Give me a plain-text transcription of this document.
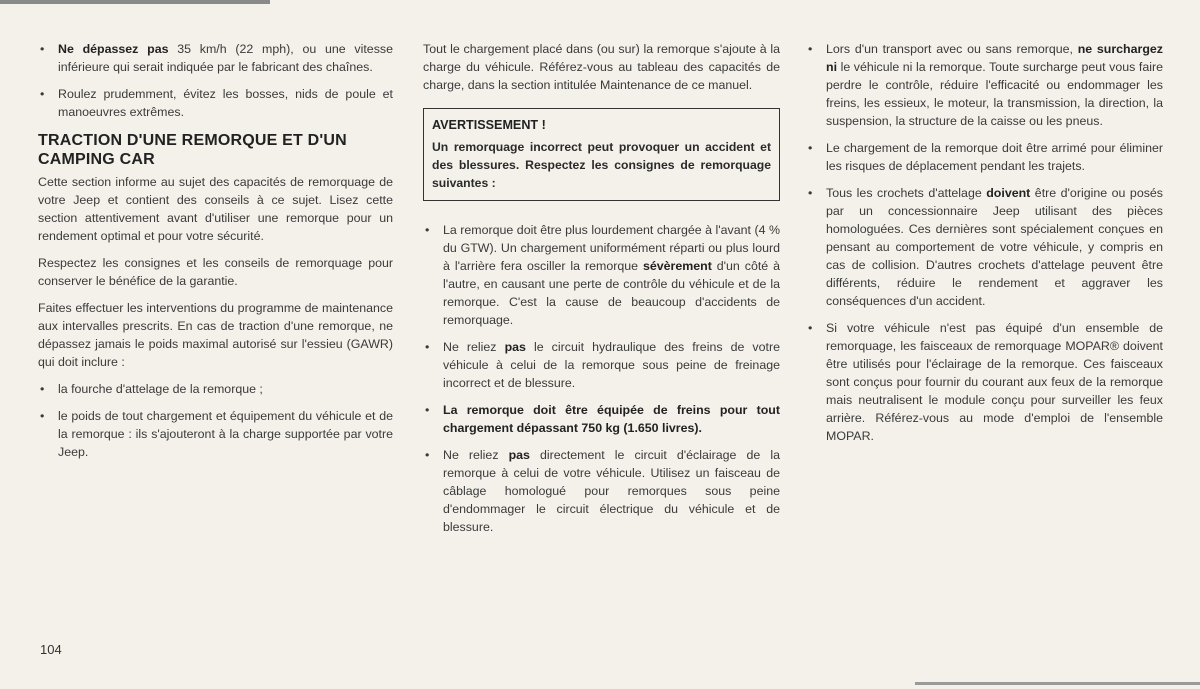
• Ne dépassez pas 35 km/h (22 mph), ou une vitesse inférieure qui serait indiquée par le fabricant des chaînes.
• Roulez prudemment, évitez les bosses, nids de poule et manoeuvres extrêmes.
TRACTION D'UNE REMORQUE ET D'UN CAMPING CAR

Cette section informe au sujet des capacités de remorquage de votre Jeep et contient des conseils à ce sujet. Lisez cette section attentivement avant d'utiliser une remorque pour un rendement optimal et pour votre sécurité.

Respectez les consignes et les conseils de remorquage pour conserver le bénéfice de la garantie.

Faites effectuer les interventions du programme de maintenance aux intervalles prescrits. En cas de traction d'une remorque, ne dépassez jamais le poids maximal autorisé sur l'essieu (GAWR) qui doit inclure :

• la fourche d'attelage de la remorque ;
• le poids de tout chargement et équipement du véhicule et de la remorque : ils s'ajouteront à la charge supportée par votre Jeep.

Tout le chargement placé dans (ou sur) la remorque s'ajoute à la charge du véhicule. Référez-vous au tableau des capacités de charge, dans la section intitulée Maintenance de ce manuel.

AVERTISSEMENT !
Un remorquage incorrect peut provoquer un accident et des blessures. Respectez les consignes de remorquage suivantes :
• La remorque doit être plus lourdement chargée à l'avant (4 % du GTW). Un chargement uniformément réparti ou plus lourd à l'arrière fera osciller la remorque sévèrement d'un côté à l'autre, en causant une perte de contrôle du véhicule et de la remorque. C'est la cause de beaucoup d'accidents de remorquage.
• Ne reliez pas le circuit hydraulique des freins de votre véhicule à celui de la remorque sous peine de freinage incorrect et de blessure.
• La remorque doit être équipée de freins pour tout chargement dépassant 750 kg (1.650 livres).
• Ne reliez pas directement le circuit d'éclairage de la remorque à celui de votre véhicule. Utilisez un faisceau de câblage homologué pour remorques sous peine d'endommager le circuit électrique du véhicule et de blessure.
• Lors d'un transport avec ou sans remorque, ne surchargez ni le véhicule ni la remorque. Toute surcharge peut vous faire perdre le contrôle, réduire l'efficacité ou endommager les freins, les essieux, le moteur, la transmission, la direction, la suspension, la structure de la caisse ou les pneus.
• Le chargement de la remorque doit être arrimé pour éliminer les risques de déplacement pendant les trajets.
• Tous les crochets d'attelage doivent être d'origine ou posés par un concessionnaire Jeep utilisant des pièces homologuées. Ces dernières sont spécialement conçues en pensant au comportement de votre véhicule, y compris en cas de collision. D'autres crochets d'attelage peuvent être différents, réduire le rendement et aggraver les conséquences d'un accident.
• Si votre véhicule n'est pas équipé d'un ensemble de remorquage, les faisceaux de remorquage MOPAR® doivent être utilisés pour l'éclairage de la remorque. Ces faisceaux sont conçus pour fournir du courant aux feux de la remorque mais neutralisent le module conçu pour surveiller les feux arrière. Référez-vous au mode d'emploi de l'ensemble MOPAR.
104
